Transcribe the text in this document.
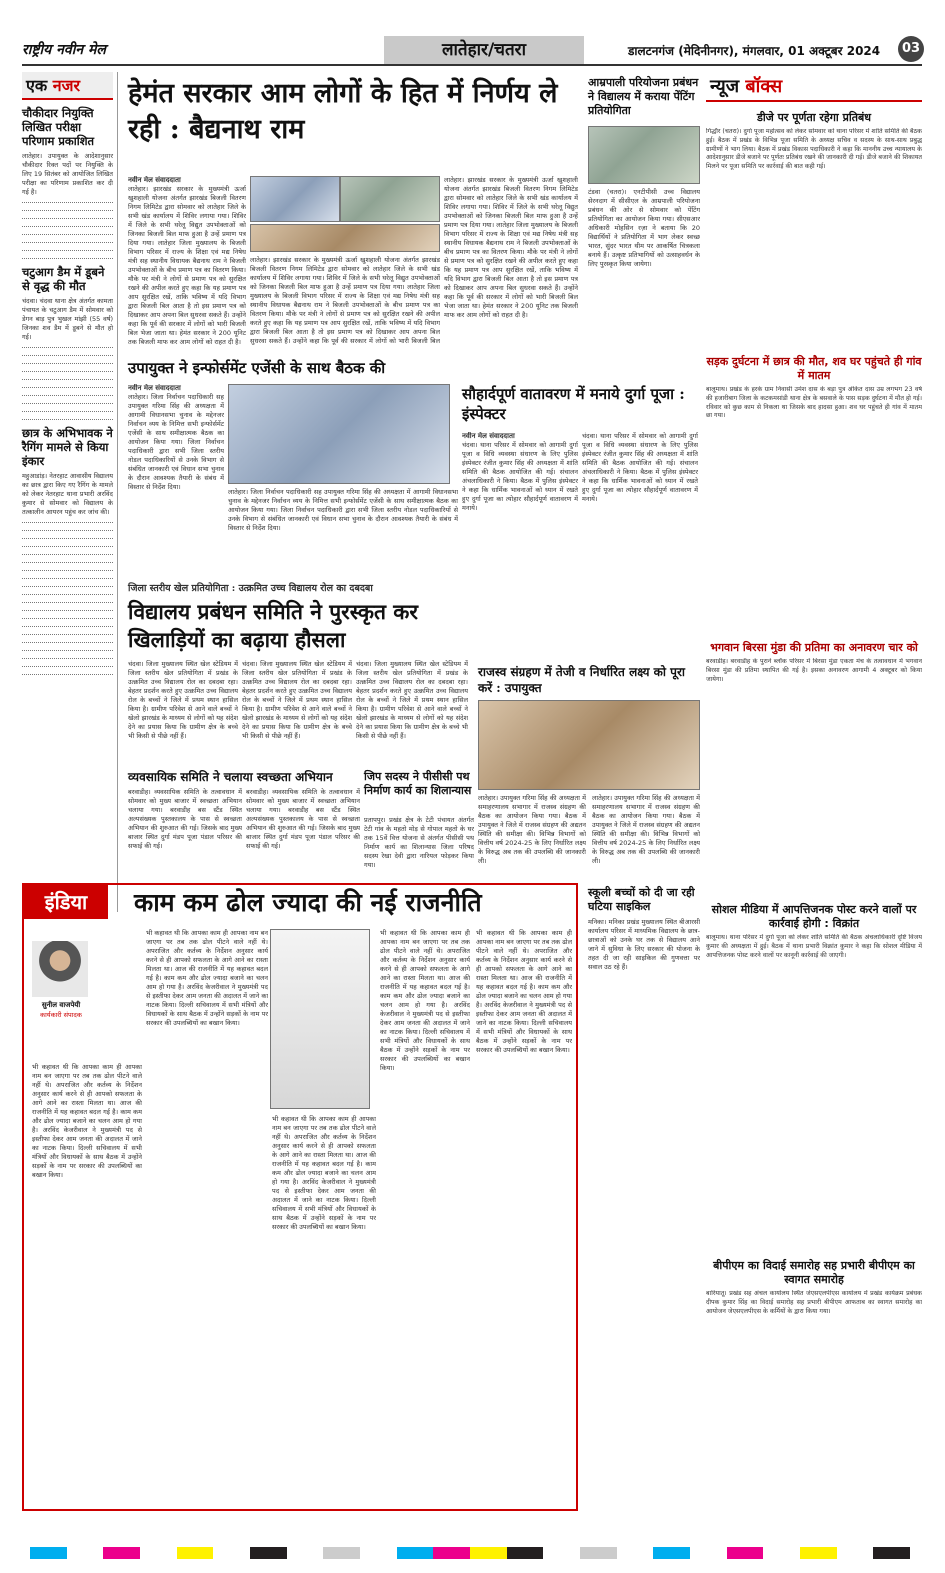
राष्ट्रीय नवीन मेल	लातेहार/चतरा	डालटनगंज (मेदिनीनगर), मंगलवार, 01 अक्टूबर 2024	03
एक नजर
चौकीदार नियुक्ति लिखित परीक्षा परिणाम प्रकाशित
लातेहार। उपायुक्त के आदेशानुसार चौकीदार रिक्त पदों पर नियुक्ति के लिए 19 सितंबर को आयोजित लिखित परीक्षा का परिणाम प्रकाशित कर दी गई है।
चटुआग डैम में डूबने से वृद्ध की मौत
चंदवा। चंदवा थाना क्षेत्र अंतर्गत कामता पंचायत के चटुआग डैम में सोमवार को डेगन बाड़ पुत्र भुखल मांझी (55 वर्ष) जिनका शव डैम में डूबने से मौत हो गई।
छात्र के अभिभावक ने रैगिंग मामले से किया इंकार
महुआडांड़। नेतरहाट आवासीय विद्यालय का छात्र द्वारा किए गए रैगिंग के मामले को लेकर नेतरहाट थाना प्रभारी अरविंद कुमार से सोमवार को विद्यालय के तत्कालीन आयरन पहुंच कर जांच की।
हेमंत सरकार आम लोगों के हित में निर्णय ले रही : बैद्यनाथ राम
नवीन मेल संवाददाता
लातेहार। झारखंड सरकार के मुख्यमंत्री ऊर्जा खुशहाली योजना अंतर्गत झारखंड बिजली वितरण निगम लिमिटेड द्वारा सोमवार को लातेहार जिले के सभी खंड कार्यालय में शिविर लगाया गया। शिविर में जिले के सभी घरेलू विद्युत उपभोक्ताओं को जिनका बिजली बिल माफ हुआ है उन्हें प्रमाण पत्र दिया गया। लातेहार जिला मुख्यालय के बिजली विभाग परिसर में राज्य के शिक्षा एवं मद्य निषेध मंत्री सह स्थानीय विधायक बैद्यनाथ राम ने बिजली उपभोक्ताओं के बीच प्रमाण पत्र का वितरण किया। मौके पर मंत्री ने लोगों से प्रमाण पत्र को सुरक्षित रखने की अपील करते हुए कहा कि यह प्रमाण पत्र आप सुरक्षित रखें, ताकि भविष्य में यदि विभाग द्वारा बिजली बिल आता है तो इस प्रमाण पत्र को दिखाकर आप अपना बिल सुधरवा सकते हैं। उन्होंने कहा कि पूर्व की सरकार में लोगों को भारी बिजली बिल भेजा जाता था। हेमंत सरकार ने 200 यूनिट तक बिजली माफ कर आम लोगों को राहत दी है।
लातेहार। झारखंड सरकार के मुख्यमंत्री ऊर्जा खुशहाली योजना अंतर्गत झारखंड बिजली वितरण निगम लिमिटेड द्वारा सोमवार को लातेहार जिले के सभी खंड कार्यालय में शिविर लगाया गया। शिविर में जिले के सभी घरेलू विद्युत उपभोक्ताओं को जिनका बिजली बिल माफ हुआ है उन्हें प्रमाण पत्र दिया गया। लातेहार जिला मुख्यालय के बिजली विभाग परिसर में राज्य के शिक्षा एवं मद्य निषेध मंत्री सह स्थानीय विधायक बैद्यनाथ राम ने बिजली उपभोक्ताओं के बीच प्रमाण पत्र का वितरण किया। मौके पर मंत्री ने लोगों से प्रमाण पत्र को सुरक्षित रखने की अपील करते हुए कहा कि यह प्रमाण पत्र आप सुरक्षित रखें, ताकि भविष्य में यदि विभाग द्वारा बिजली बिल आता है तो इस प्रमाण पत्र को दिखाकर आप अपना बिल सुधरवा सकते हैं। उन्होंने कहा कि पूर्व की सरकार में लोगों को भारी बिजली बिल भेजा जाता था। हेमंत सरकार ने 200 यूनिट तक बिजली माफ कर आम लोगों को राहत दी है।
लातेहार। झारखंड सरकार के मुख्यमंत्री ऊर्जा खुशहाली योजना अंतर्गत झारखंड बिजली वितरण निगम लिमिटेड द्वारा सोमवार को लातेहार जिले के सभी खंड कार्यालय में शिविर लगाया गया। शिविर में जिले के सभी घरेलू विद्युत उपभोक्ताओं को जिनका बिजली बिल माफ हुआ है उन्हें प्रमाण पत्र दिया गया। लातेहार जिला मुख्यालय के बिजली विभाग परिसर में राज्य के शिक्षा एवं मद्य निषेध मंत्री सह स्थानीय विधायक बैद्यनाथ राम ने बिजली उपभोक्ताओं के बीच प्रमाण पत्र का वितरण किया। मौके पर मंत्री ने लोगों से प्रमाण पत्र को सुरक्षित रखने की अपील करते हुए कहा कि यह प्रमाण पत्र आप सुरक्षित रखें, ताकि भविष्य में यदि विभाग द्वारा बिजली बिल आता है तो इस प्रमाण पत्र को दिखाकर आप अपना बिल सुधरवा सकते हैं। उन्होंने कहा कि पूर्व की सरकार में लोगों को भारी बिजली बिल
आम्रपाली परियोजना प्रबंधन ने विद्यालय में कराया पेंटिंग प्रतियोगिता
टंडवा (चतरा)। एनटीपीसी उच्च विद्यालय सेरनदाग में सीसीएल के आम्रपाली परियोजना प्रबंधन की ओर से सोमवार को पेंटिंग प्रतियोगिता का आयोजन किया गया। सीएसआर अधिकारी मोहसिन रज़ा ने बताया कि 20 विद्यार्थियों ने प्रतियोगिता में भाग लेकर स्वच्छ भारत, सुंदर भारत थीम पर आकर्षित चित्रकला बनाये हैं। उत्कृष्ट प्रतिभागियों को उत्साहवर्धन के लिए पुरस्कृत किया जायेगा।
उपायुक्त ने इन्फोर्समेंट एजेंसी के साथ बैठक की
नवीन मेल संवाददाता
लातेहार। जिला निर्वाचन पदाधिकारी सह उपायुक्त गरिमा सिंह की अध्यक्षता में आगामी विधानसभा चुनाव के मद्देनजर निर्वाचन व्यय के निमित्त सभी इन्फोर्समेंट एजेंसी के साथ समीक्षात्मक बैठक का आयोजन किया गया। जिला निर्वाचन पदाधिकारी द्वारा सभी जिला स्तरीय नोडल पदाधिकारियों से उनके विभाग से संबंधित जानकारी एवं विधान सभा चुनाव के दौरान आवश्यक तैयारी के संबंध में विस्तार से निर्देश दिया।
लातेहार। जिला निर्वाचन पदाधिकारी सह उपायुक्त गरिमा सिंह की अध्यक्षता में आगामी विधानसभा चुनाव के मद्देनजर निर्वाचन व्यय के निमित्त सभी इन्फोर्समेंट एजेंसी के साथ समीक्षात्मक बैठक का आयोजन किया गया। जिला निर्वाचन पदाधिकारी द्वारा सभी जिला स्तरीय नोडल पदाधिकारियों से उनके विभाग से संबंधित जानकारी एवं विधान सभा चुनाव के दौरान आवश्यक तैयारी के संबंध में विस्तार से निर्देश दिया।
सौहार्दपूर्ण वातावरण में मनाये दुर्गा पूजा : इंस्पेक्टर
नवीन मेल संवाददाता
चंदवा। थाना परिसर में सोमवार को आगामी दुर्गा पूजा व विधि व्यवस्था संधारण के लिए पुलिस इंस्पेक्टर रंजीत कुमार सिंह की अध्यक्षता में शांति समिति की बैठक आयोजित की गई। संचालन अंचलाधिकारी ने किया। बैठक में पुलिस इंस्पेक्टर ने कहा कि धार्मिक भावनाओं को ध्यान में रखते हुए दुर्गा पूजा का त्योहार सौहार्दपूर्ण वातावरण में मनाये।
चंदवा। थाना परिसर में सोमवार को आगामी दुर्गा पूजा व विधि व्यवस्था संधारण के लिए पुलिस इंस्पेक्टर रंजीत कुमार सिंह की अध्यक्षता में शांति समिति की बैठक आयोजित की गई। संचालन अंचलाधिकारी ने किया। बैठक में पुलिस इंस्पेक्टर ने कहा कि धार्मिक भावनाओं को ध्यान में रखते हुए दुर्गा पूजा का त्योहार सौहार्दपूर्ण वातावरण में मनाये।
जिला स्तरीय खेल प्रतियोगिता : उत्क्रमित उच्च विद्यालय रोल का दबदबा
विद्यालय प्रबंधन समिति ने पुरस्कृत कर खिलाड़ियों का बढ़ाया हौसला
चंदवा। जिला मुख्यालय स्थित खेल स्टेडियम में जिला स्तरीय खेल प्रतियोगिता में प्रखंड के उत्क्रमित उच्च विद्यालय रोल का दबदबा रहा। बेहतर प्रदर्शन करते हुए उत्क्रमित उच्च विद्यालय रोल के बच्चों ने जिले में प्रथम स्थान हासिल किया है। ग्रामीण परिवेश से आने वाले बच्चों ने खेलो झारखंड के माध्यम से लोगों को यह संदेश देने का प्रयास किया कि ग्रामीण क्षेत्र के बच्चे भी किसी से पीछे नहीं हैं।
चंदवा। जिला मुख्यालय स्थित खेल स्टेडियम में जिला स्तरीय खेल प्रतियोगिता में प्रखंड के उत्क्रमित उच्च विद्यालय रोल का दबदबा रहा। बेहतर प्रदर्शन करते हुए उत्क्रमित उच्च विद्यालय रोल के बच्चों ने जिले में प्रथम स्थान हासिल किया है। ग्रामीण परिवेश से आने वाले बच्चों ने खेलो झारखंड के माध्यम से लोगों को यह संदेश देने का प्रयास किया कि ग्रामीण क्षेत्र के बच्चे भी किसी से पीछे नहीं हैं।
चंदवा। जिला मुख्यालय स्थित खेल स्टेडियम में जिला स्तरीय खेल प्रतियोगिता में प्रखंड के उत्क्रमित उच्च विद्यालय रोल का दबदबा रहा। बेहतर प्रदर्शन करते हुए उत्क्रमित उच्च विद्यालय रोल के बच्चों ने जिले में प्रथम स्थान हासिल किया है। ग्रामीण परिवेश से आने वाले बच्चों ने खेलो झारखंड के माध्यम से लोगों को यह संदेश देने का प्रयास किया कि ग्रामीण क्षेत्र के बच्चे भी किसी से पीछे नहीं हैं।
व्यवसायिक समिति ने चलाया स्वच्छता अभियान
बरवाडीह। व्यवसायिक समिति के तत्वावधान में सोमवार को मुख्य बाजार में स्वच्छता अभियान चलाया गया। बरवाडीह बस स्टैंड स्थित अल्पसंख्यक पुस्तकालय के पास से स्वच्छता अभियान की शुरुआत की गई। जिसके बाद मुख्य बाजार स्थित दुर्गा मंडप पूजा पंडाल परिसर की सफाई की गई।
बरवाडीह। व्यवसायिक समिति के तत्वावधान में सोमवार को मुख्य बाजार में स्वच्छता अभियान चलाया गया। बरवाडीह बस स्टैंड स्थित अल्पसंख्यक पुस्तकालय के पास से स्वच्छता अभियान की शुरुआत की गई। जिसके बाद मुख्य बाजार स्थित दुर्गा मंडप पूजा पंडाल परिसर की सफाई की गई।
जिप सदस्य ने पीसीसी पथ निर्माण कार्य का शिलान्यास
प्रतापपुर। प्रखंड क्षेत्र के टेटी पंचायत अंतर्गत टेटी गांव के महतो मोड़ से गोपाल महतो के घर तक 15वें वित्त योजना से अंतर्गत पीसीसी पथ निर्माण कार्य का शिलान्यास जिला परिषद सदस्य रेखा देवी द्वारा नारियल फोड़कर किया गया।
राजस्व संग्रहण में तेजी व निर्धारित लक्ष्य को पूरा करें : उपायुक्त
लातेहार। उपायुक्त गरिमा सिंह की अध्यक्षता में समाहरणालय सभागार में राजस्व संग्रहण की बैठक का आयोजन किया गया। बैठक में उपायुक्त ने जिले में राजस्व संग्रहण की अद्यतन स्थिति की समीक्षा की। विभिन्न विभागों को वित्तीय वर्ष 2024-25 के लिए निर्धारित लक्ष्य के विरुद्ध अब तक की उपलब्धि की जानकारी ली।
लातेहार। उपायुक्त गरिमा सिंह की अध्यक्षता में समाहरणालय सभागार में राजस्व संग्रहण की बैठक का आयोजन किया गया। बैठक में उपायुक्त ने जिले में राजस्व संग्रहण की अद्यतन स्थिति की समीक्षा की। विभिन्न विभागों को वित्तीय वर्ष 2024-25 के लिए निर्धारित लक्ष्य के विरुद्ध अब तक की उपलब्धि की जानकारी ली।
इंडिया	काम कम ढोल ज्यादा की नई राजनीति
सुनील वाजपेयी
कार्यकारी संपादक
भी कहावत थी कि आपका काम ही आपका नाम बन जाएगा पर तब तक ढोल पीटने वाले नहीं थे। अपराजित और कर्तव्य के निर्देशन अनुसार कार्य करने से ही आपको सफलता के आगे आने का रास्ता मिलता था। आज की राजनीति में यह कहावत बदल गई है। काम कम और ढोल ज्यादा बजाने का चलन आम हो गया है। अरविंद केजरीवाल ने मुख्यमंत्री पद से इस्तीफा देकर आम जनता की अदालत में जाने का नाटक किया। दिल्ली सचिवालय में सभी मंत्रियों और विधायकों के साथ बैठक में उन्होंने सड़कों के नाम पर सरकार की उपलब्धियों का बखान किया।
भी कहावत थी कि आपका काम ही आपका नाम बन जाएगा पर तब तक ढोल पीटने वाले नहीं थे। अपराजित और कर्तव्य के निर्देशन अनुसार कार्य करने से ही आपको सफलता के आगे आने का रास्ता मिलता था। आज की राजनीति में यह कहावत बदल गई है। काम कम और ढोल ज्यादा बजाने का चलन आम हो गया है। अरविंद केजरीवाल ने मुख्यमंत्री पद से इस्तीफा देकर आम जनता की अदालत में जाने का नाटक किया। दिल्ली सचिवालय में सभी मंत्रियों और विधायकों के साथ बैठक में उन्होंने सड़कों के नाम पर सरकार की उपलब्धियों का बखान किया।
भी कहावत थी कि आपका काम ही आपका नाम बन जाएगा पर तब तक ढोल पीटने वाले नहीं थे। अपराजित और कर्तव्य के निर्देशन अनुसार कार्य करने से ही आपको सफलता के आगे आने का रास्ता मिलता था। आज की राजनीति में यह कहावत बदल गई है। काम कम और ढोल ज्यादा बजाने का चलन आम हो गया है। अरविंद केजरीवाल ने मुख्यमंत्री पद से इस्तीफा देकर आम जनता की अदालत में जाने का नाटक किया। दिल्ली सचिवालय में सभी मंत्रियों और विधायकों के साथ बैठक में उन्होंने सड़कों के नाम पर सरकार की उपलब्धियों का बखान किया।
भी कहावत थी कि आपका काम ही आपका नाम बन जाएगा पर तब तक ढोल पीटने वाले नहीं थे। अपराजित और कर्तव्य के निर्देशन अनुसार कार्य करने से ही आपको सफलता के आगे आने का रास्ता मिलता था। आज की राजनीति में यह कहावत बदल गई है। काम कम और ढोल ज्यादा बजाने का चलन आम हो गया है। अरविंद केजरीवाल ने मुख्यमंत्री पद से इस्तीफा देकर आम जनता की अदालत में जाने का नाटक किया। दिल्ली सचिवालय में सभी मंत्रियों और विधायकों के साथ बैठक में उन्होंने सड़कों के नाम पर सरकार की उपलब्धियों का बखान किया।
भी कहावत थी कि आपका काम ही आपका नाम बन जाएगा पर तब तक ढोल पीटने वाले नहीं थे। अपराजित और कर्तव्य के निर्देशन अनुसार कार्य करने से ही आपको सफलता के आगे आने का रास्ता मिलता था। आज की राजनीति में यह कहावत बदल गई है। काम कम और ढोल ज्यादा बजाने का चलन आम हो गया है। अरविंद केजरीवाल ने मुख्यमंत्री पद से इस्तीफा देकर आम जनता की अदालत में जाने का नाटक किया। दिल्ली सचिवालय में सभी मंत्रियों और विधायकों के साथ बैठक में उन्होंने सड़कों के नाम पर सरकार की उपलब्धियों का बखान किया।
स्कूली बच्चों को दी जा रही घटिया साइकिल
मनिका। मनिका प्रखंड मुख्यालय स्थित बीआरसी कार्यालय परिसर में माध्यमिक विद्यालय के छात्र-छात्राओं को उनके घर तक से विद्यालय आने जाने में सुविधा के लिए सरकार की योजना के तहत दी जा रही साइकिल की गुणवत्ता पर सवाल उठ रहे हैं।
न्यूज बॉक्स
डीजे पर पूर्णता रहेगा प्रतिबंध
गिद्धौर (चतरा)। दुर्गा पूजा महोत्सव को लेकर सोमवार को थाना परिसर में शांति समिति की बैठक हुई। बैठक में प्रखंड के विभिन्न पूजा समिति के अध्यक्ष सचिव व सदस्य के साथ-साथ प्रबुद्ध ग्रामीणों ने भाग लिया। बैठक में प्रखंड विकास पदाधिकारी ने कहा कि माननीय उच्च न्यायालय के आदेशानुसार डीजे बजाने पर पूर्णतः प्रतिबंध रखने की जानकारी दी गई। डीजे बजाने की शिकायत मिलने पर पूजा समिति पर कार्रवाई की बात कही गई।
सड़क दुर्घटना में छात्र की मौत, शव घर पहुंचते ही गांव में मातम
बालूमाथ। प्रखंड के हरके ग्राम निवासी उमेश दास के बड़ा पुत्र अंकित दास उम्र लगभग 23 वर्ष की हजारीबाग जिला के कटकमसांडी थाना क्षेत्र के बसवाले के पास सड़क दुर्घटना में मौत हो गई। रविवार को कुछ काम से निकला था जिसके बाद हादसा हुआ। शव घर पहुंचते ही गांव में मातम छा गया।
भगवान बिरसा मुंडा की प्रतिमा का अनावरण चार को
बरवाडीह। बरवाडीह के पुराने ब्लॉक परिसर में बिरसा मुंडा एकता मंच के तत्वावधान में भगवान बिरसा मुंडा की प्रतिमा स्थापित की गई है। इसका अनावरण आगामी 4 अक्टूबर को किया जायेगा।
सोशल मीडिया में आपत्तिजनक पोस्ट करने वालों पर कार्रवाई होगी : विक्रांत
बालूमाथ। थाना परिसर में दुर्गा पूजा को लेकर शांति समिति की बैठक अंचलाधिकारी दृष्टि विजय कुमार की अध्यक्षता में हुई। बैठक में थाना प्रभारी विक्रांत कुमार ने कहा कि सोशल मीडिया में आपत्तिजनक पोस्ट करने वालों पर कानूनी कार्रवाई की जाएगी।
बीपीएम का विदाई समारोह सह प्रभारी बीपीएम का स्वागत समारोह
बारियातू। प्रखंड सह अंचल कार्यालय स्थित जेएसएलपीएस कार्यालय में प्रखंड कार्यक्रम प्रबंधक दीपक कुमार सिंह का विदाई समारोह सह प्रभारी बीपीएम आफताब का स्वागत समारोह का आयोजन जेएसएलपीएस के कर्मियों के द्वारा किया गया।
